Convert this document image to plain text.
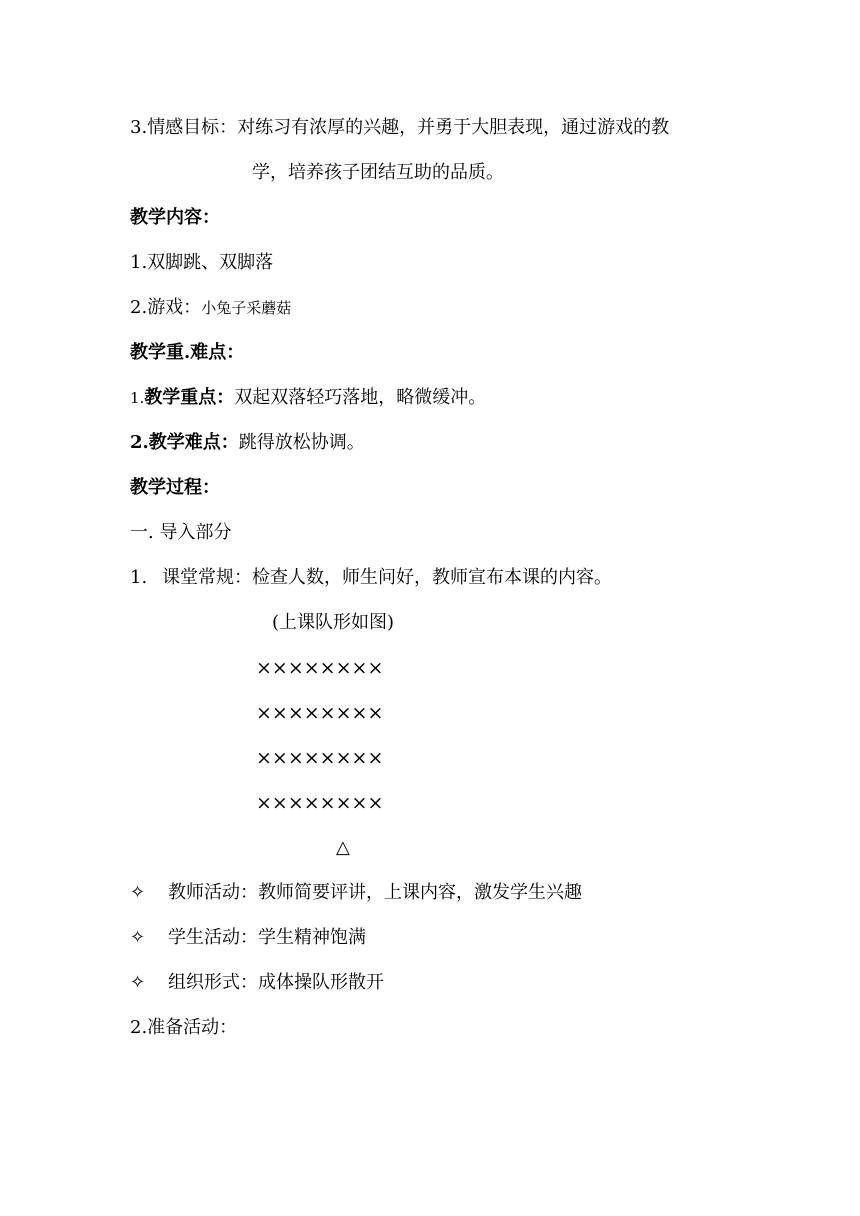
3.情感目标：对练习有浓厚的兴趣，并勇于大胆表现，通过游戏的教
学，培养孩子团结互助的品质。
教学内容：
1.双脚跳、双脚落
2.游戏：小兔子采蘑菇
教学重.难点：
1.教学重点：双起双落轻巧落地，略微缓冲。
2.教学难点：跳得放松协调。
教学过程：
一. 导入部分
1. 课堂常规：检查人数，师生问好，教师宣布本课的内容。
(上课队形如图)
××××××××
××××××××
××××××××
××××××××
△
✧ 教师活动：教师简要评讲，上课内容，激发学生兴趣
✧ 学生活动：学生精神饱满
✧ 组织形式：成体操队形散开
2.准备活动：
